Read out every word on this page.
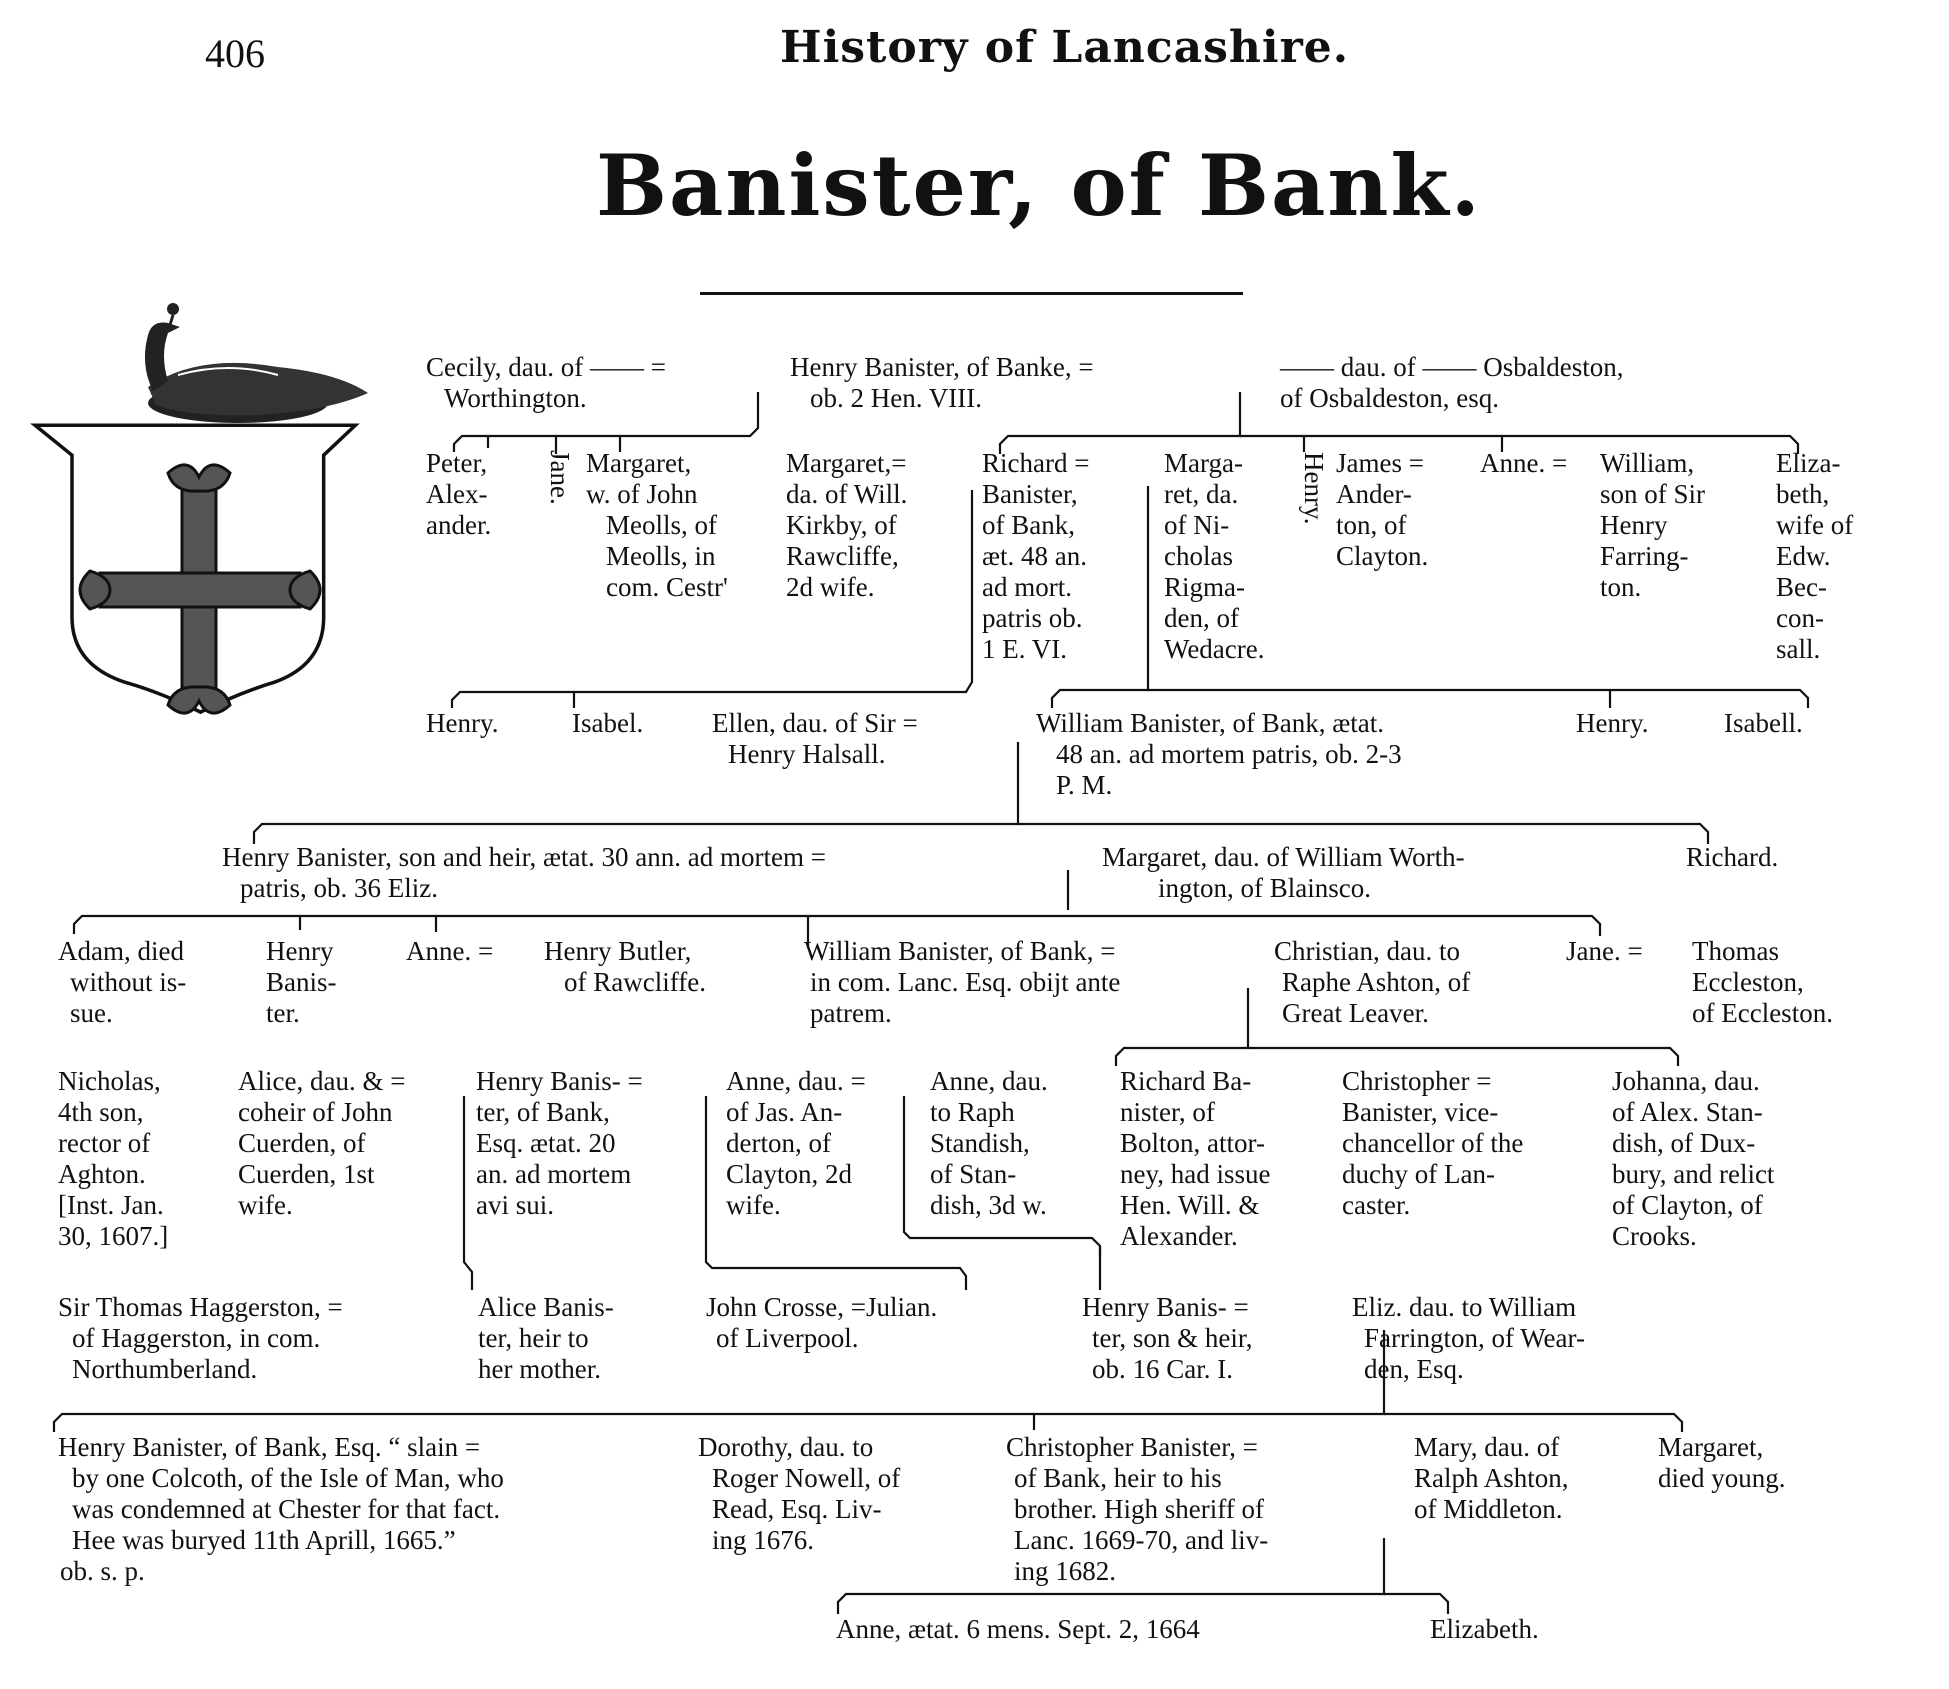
406	History of Lancashire.
Banister, of Bank.
Cecily, dau. of —— =
Worthington.
Henry Banister, of Banke, =
ob. 2 Hen. VIII.
—— dau. of —— Osbaldeston,
of Osbaldeston, esq.
Peter,
Alex-
ander.
Jane. Margaret,
w. of John
Meolls, of
Meolls, in
com. Cestr'
Margaret,=
da. of Will.
Kirkby, of
Rawcliffe,
2d wife.
Richard =
Banister,
of Bank,
æt. 48 an.
ad mort.
patris ob.
1 E. VI.
Marga-
ret, da.
of Ni-
cholas
Rigma-
den, of
Wedacre.
Henry. James =
Ander-
ton, of
Clayton.
Anne. = William,
son of Sir
Henry
Farring-
ton.
Eliza-
beth,
wife of
Edw.
Bec-
con-
sall.
Henry.	Isabel.	Ellen, dau. of Sir =
Henry Halsall.
William Banister, of Bank, ætat.
48 an. ad mortem patris, ob. 2-3
P. M.
Henry.	Isabell.
Henry Banister, son and heir, ætat. 30 ann. ad mortem =
patris, ob. 36 Eliz.
Margaret, dau. of William Worth-
ington, of Blainsco.
Richard.
Adam, died
without is-
sue.
Henry
Banis-
ter.
Anne. = Henry Butler,
of Rawcliffe.
William Banister, of Bank, =
in com. Lanc. Esq. obijt ante
patrem.
Christian, dau. to
Raphe Ashton, of
Great Leaver.
Jane. = Thomas
Eccleston,
of Eccleston.
Nicholas,
4th son,
rector of
Aghton.
[Inst. Jan.
30, 1607.]
Alice, dau. & =
coheir of John
Cuerden, of
Cuerden, 1st
wife.
Henry Banis- =
ter, of Bank,
Esq. ætat. 20
an. ad mortem
avi sui.
Anne, dau. =
of Jas. An-
derton, of
Clayton, 2d
wife.
Anne, dau.
to Raph
Standish,
of Stan-
dish, 3d w.
Richard Ba-
nister, of
Bolton, attor-
ney, had issue
Hen. Will. &
Alexander.
Christopher =
Banister, vice-
chancellor of the
duchy of Lan-
caster.
Johanna, dau.
of Alex. Stan-
dish, of Dux-
bury, and relict
of Clayton, of
Crooks.
Sir Thomas Haggerston, =
of Haggerston, in com.
Northumberland.
Alice Banis-
ter, heir to
her mother.
John Crosse, =Julian.
of Liverpool.
Henry Banis- =
ter, son & heir,
ob. 16 Car. I.
Eliz. dau. to William
Farrington, of Wear-
den, Esq.
Henry Banister, of Bank, Esq. “ slain =
by one Colcoth, of the Isle of Man, who
was condemned at Chester for that fact.
Hee was buryed 11th Aprill, 1665.”
ob. s. p.
Dorothy, dau. to
Roger Nowell, of
Read, Esq. Liv-
ing 1676.
Christopher Banister, =
of Bank, heir to his
brother. High sheriff of
Lanc. 1669-70, and liv-
ing 1682.
Mary, dau. of
Ralph Ashton,
of Middleton.
Margaret,
died young.
Anne, ætat. 6 mens. Sept. 2, 1664	Elizabeth.
